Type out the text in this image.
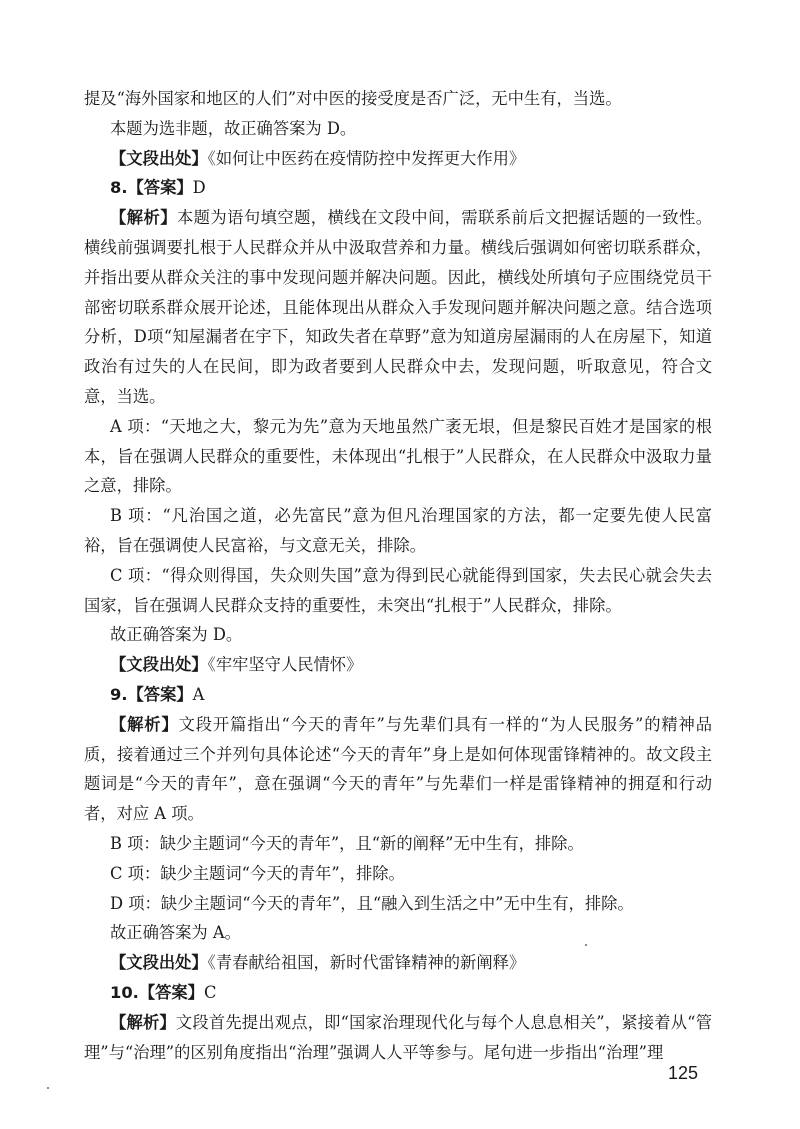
提及“海外国家和地区的人们”对中医的接受度是否广泛，无中生有，当选。

本题为选非题，故正确答案为 D。

【文段出处】《如何让中医药在疫情防控中发挥更大作用》

8.【答案】D

【解析】本题为语句填空题，横线在文段中间，需联系前后文把握话题的一致性。横线前强调要扎根于人民群众并从中汲取营养和力量。横线后强调如何密切联系群众，并指出要从群众关注的事中发现问题并解决问题。因此，横线处所填句子应围绕党员干部密切联系群众展开论述，且能体现出从群众入手发现问题并解决问题之意。结合选项分析，D项“知屋漏者在宇下，知政失者在草野”意为知道房屋漏雨的人在房屋下，知道政治有过失的人在民间，即为政者要到人民群众中去，发现问题，听取意见，符合文意，当选。

A 项：“天地之大，黎元为先”意为天地虽然广袤无垠，但是黎民百姓才是国家的根本，旨在强调人民群众的重要性，未体现出“扎根于”人民群众，在人民群众中汲取力量之意，排除。

B 项：“凡治国之道，必先富民”意为但凡治理国家的方法，都一定要先使人民富裕，旨在强调使人民富裕，与文意无关，排除。

C 项：“得众则得国，失众则失国”意为得到民心就能得到国家，失去民心就会失去国家，旨在强调人民群众支持的重要性，未突出“扎根于”人民群众，排除。

故正确答案为 D。

【文段出处】《牢牢坚守人民情怀》

9.【答案】A

【解析】文段开篇指出“今天的青年”与先辈们具有一样的“为人民服务”的精神品质，接着通过三个并列句具体论述“今天的青年”身上是如何体现雷锋精神的。故文段主题词是“今天的青年”，意在强调“今天的青年”与先辈们一样是雷锋精神的拥趸和行动者，对应 A 项。

B 项：缺少主题词“今天的青年”，且“新的阐释”无中生有，排除。

C 项：缺少主题词“今天的青年”，排除。

D 项：缺少主题词“今天的青年”，且“融入到生活之中”无中生有，排除。

故正确答案为 A。

【文段出处】《青春献给祖国，新时代雷锋精神的新阐释》

10.【答案】C

【解析】文段首先提出观点，即“国家治理现代化与每个人息息相关”，紧接着从“管理”与“治理”的区别角度指出“治理”强调人人平等参与。尾句进一步指出“治理”理

125
